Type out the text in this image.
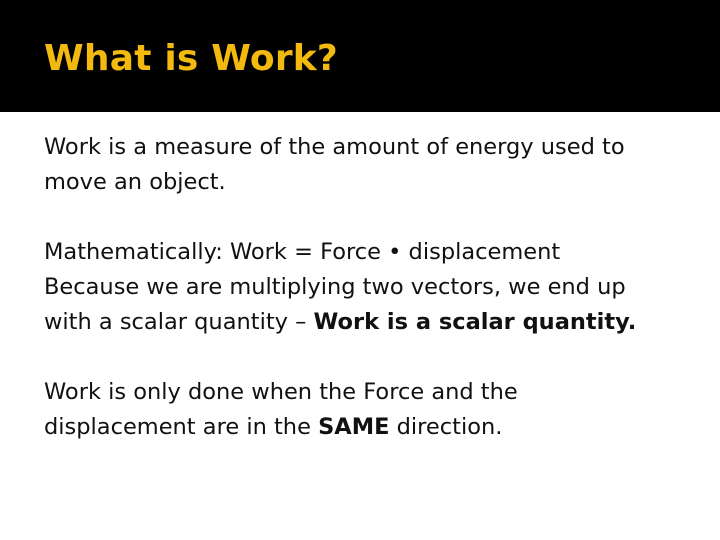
What is Work?

Work is a measure of the amount of energy used to
move an object.

Mathematically: Work = Force • displacement
Because we are multiplying two vectors, we end up
with a scalar quantity – Work is a scalar quantity.

Work is only done when the Force and the
displacement are in the SAME direction.
